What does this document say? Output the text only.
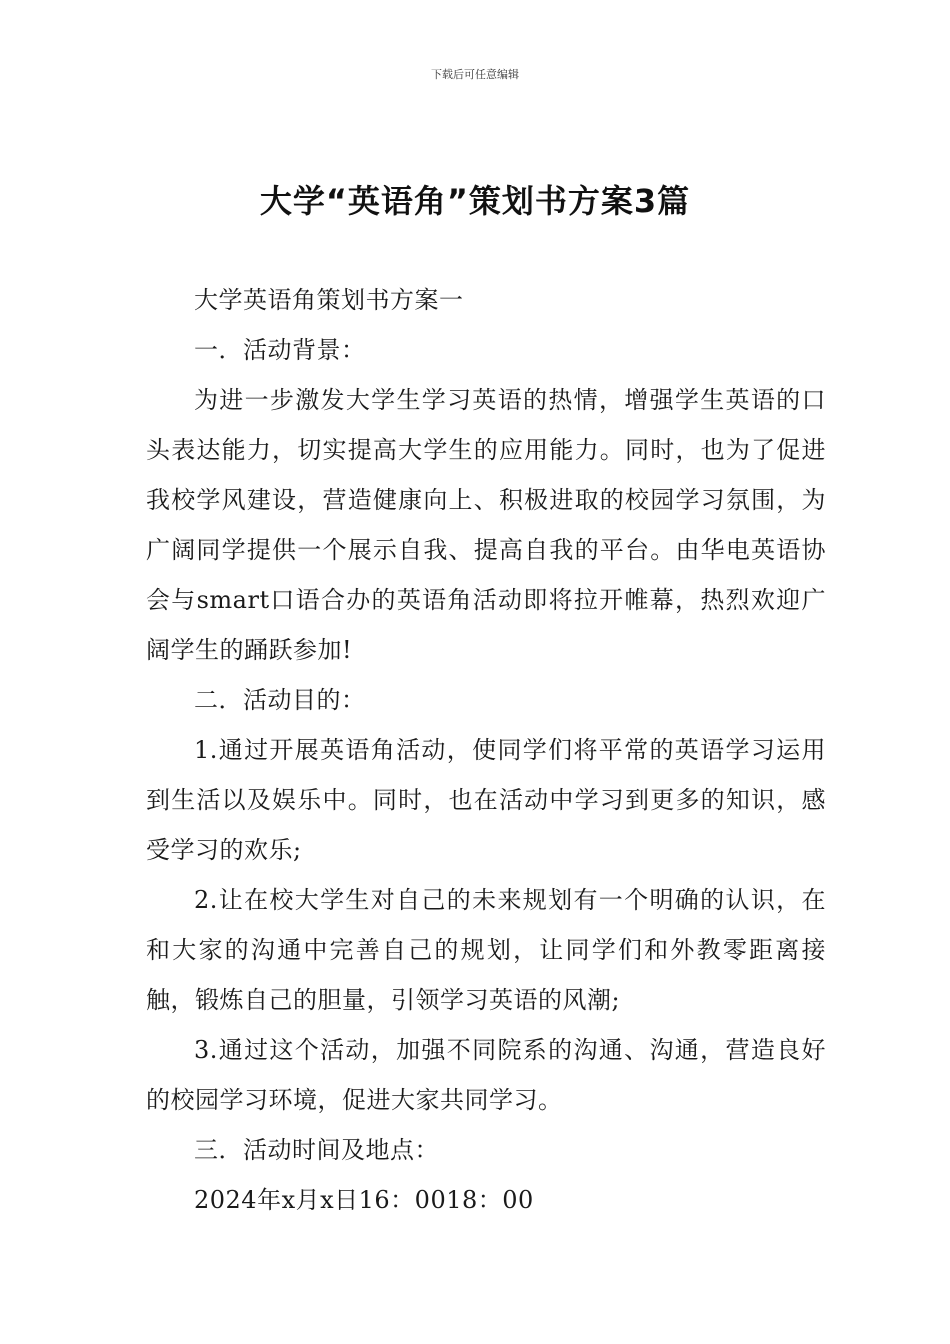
下载后可任意编辑
大学“英语角”策划书方案3篇

大学英语角策划书方案一

一．活动背景：

为进一步激发大学生学习英语的热情，增强学生英语的口头表达能力，切实提高大学生的应用能力。同时，也为了促进我校学风建设，营造健康向上、积极进取的校园学习氛围，为广阔同学提供一个展示自我、提高自我的平台。由华电英语协会与smart口语合办的英语角活动即将拉开帷幕，热烈欢迎广阔学生的踊跃参加!

二．活动目的：

1.通过开展英语角活动，使同学们将平常的英语学习运用到生活以及娱乐中。同时，也在活动中学习到更多的知识，感受学习的欢乐;

2.让在校大学生对自己的未来规划有一个明确的认识，在和大家的沟通中完善自己的规划，让同学们和外教零距离接触，锻炼自己的胆量，引领学习英语的风潮;

3.通过这个活动，加强不同院系的沟通、沟通，营造良好的校园学习环境，促进大家共同学习。

三．活动时间及地点：

2024年x月x日16：0018：00
